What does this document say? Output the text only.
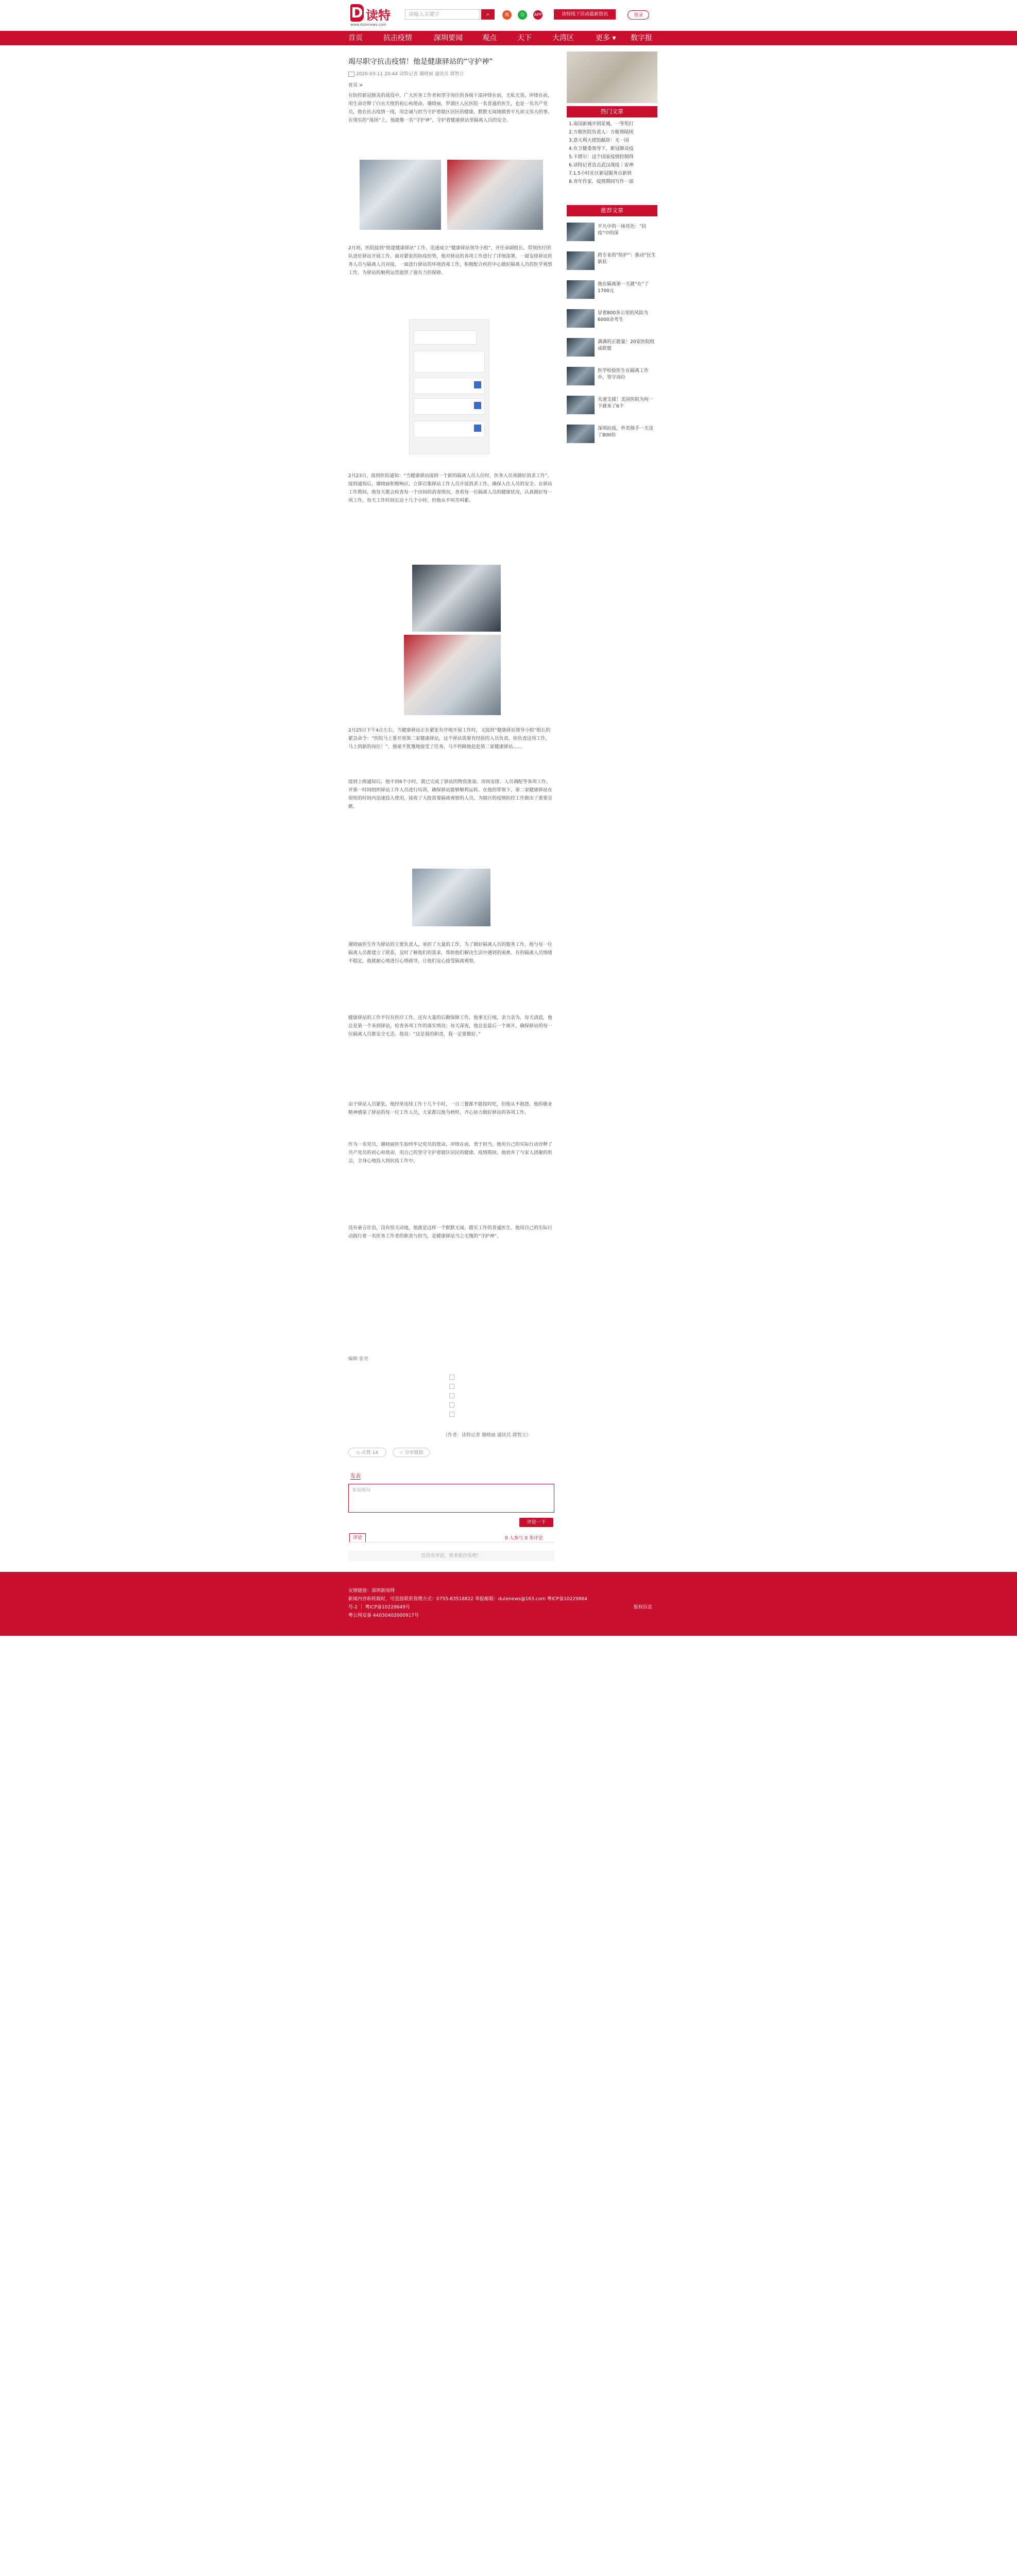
D 读特
www.dutenews.com
请输入关键字	⌕	微	信	APP	读特线下活动最新资讯	登录
首页	抗击疫情	深圳要闻	观点	天下	大湾区	更多 ▾ 数字报
竭尽职守抗击疫情！他是健康驿站的“守护神”
2020-03-11 20:44 读特记者 谢晓丽 通讯员 郭智立
首页 >

在防控新冠肺炎的战役中，广大医务工作者和坚守岗位的各级干部冲锋在前，无私无畏，冲锋在前，用生命诠释了白衣天使的初心和使命。谢晓丽，罗湖区人民医院一名普通的医生，也是一名共产党员，他在抗击疫情一线，用忠诚与担当守护着辖区居民的健康，默默无闻地做着平凡却又伟大的事。在现实的“战场”上，他就像一名“守护神”，守护着健康驿站里隔离人员的安全。

2月初，医院接到“组建健康驿站”工作，迅速成立“健康驿站领导小组”，并任命副组长，带领医疗团队进驻驿站开展工作。面对紧张的防疫形势，他对驿站的各项工作进行了详细部署，一面安排驿站医务人员与隔离人员对接，一面进行驿站的环境消毒工作，积极配合疾控中心做好隔离人员的医学观察工作，为驿站的顺利运营提供了强有力的保障。

2月23日，接到医院通知：“当健康驿站接到一个新的隔离人员入住时，医务人员须做好消杀工作”。接到通知后，谢晓丽积极响应，立即召集驿站工作人员开展消杀工作，确保入住人员的安全。在驿站工作期间，他每天都会检查每一个房间的消毒情况，查看每一位隔离人员的健康状况，认真做好每一项工作，每天工作时间长达十几个小时，但他从不叫苦叫累。

2月25日下午4点左右，当健康驿站正在紧张有序地开展工作时，又接到“健康驿站领导小组”组长的紧急命令：“医院马上要开放第二家健康驿站，这个驿站需要有经验的人员负责，你负责这项工作，马上到新的岗位！”。他毫不犹豫地接受了任务，马不停蹄地赶赴第二家健康驿站……

接到上级通知后，他不到6个小时，就已完成了驿站的物资准备、房间安排、人员调配等各项工作，并第一时间组织驿站工作人员进行培训，确保驿站能够顺利运转。在他的带领下，第二家健康驿站在很短的时间内迅速投入使用，接收了大批需要隔离观察的人员，为辖区的疫情防控工作做出了重要贡献。

谢晓丽医生作为驿站的主要负责人，承担了大量的工作，为了做好隔离人员的服务工作，他与每一位隔离人员都建立了联系，及时了解他们的需求，帮助他们解决生活中遇到的困难。有的隔离人员情绪不稳定，他就耐心地进行心理疏导，让他们安心接受隔离观察。

健康驿站的工作不仅有医疗工作，还有大量的后勤保障工作，他事无巨细，亲力亲为。每天清晨，他总是第一个来到驿站，检查各项工作的落实情况；每天深夜，他总是最后一个离开，确保驿站的每一位隔离人员都安全无恙。他说：“这是我的职责，我一定要做好。”

由于驿站人员紧张，他经常连续工作十几个小时，一日三餐都不能按时吃，但他从不抱怨。他的敬业精神感染了驿站的每一位工作人员，大家都以他为榜样，齐心协力做好驿站的各项工作。

作为一名党员，谢晓丽医生始终牢记党员的使命，冲锋在前，勇于担当。他用自己的实际行动诠释了共产党员的初心和使命，用自己的坚守守护着辖区居民的健康。疫情期间，他放弃了与家人团聚的机会，全身心地投入到抗疫工作中。

没有豪言壮语，没有惊天动地，他就是这样一个默默无闻、踏实工作的普通医生。他用自己的实际行动践行着一名医务工作者的职责与担当，是健康驿站当之无愧的“守护神”。

编辑 张亮
（作者：读特记者 谢晓丽 通讯员 郭智立）
◇ 点赞 14	☆ 分享链接
发表
来说两句
评论一下
评论	0 人参与 0 条评论
还没有评论，快来抢沙发吧！
热门文章
1.南国新城开到花城，一等奖打
2.方舱医院负责人：方舱将陆续
3.意大利大使馆献辞：无一国
4.在卫健委领导下，新冠肺炎疫
5.卡塔尔：这个国家疫情控制得
6.读特记者直击武汉战疫｜雷神
7.1.5小时社区新冠服务点新到
8.青年作家、疫情期间写作一部
推荐文章
平凡中的一抹亮色：“抗疫”中的深
跨专业的“防护”：推动“民生新状
他在隔离第一天就“在”了1700元
冒着800多公里的风险为6000余考生
满满的正能量！20家医院组成联盟
医学检验医生在隔离工作中，坚守岗位
火速支援！美国医院为何一下就来了6个
深圳抗疫，外卖骑手一天送了800份
友情链接：深圳新闻网
新闻内容和转载时，可直接联系管理方式：0755-83518822 举报邮箱：dutenews@163.com 粤ICP备10229864
号-2 ｜ 粤ICP备10228649号
粤公网安备 44030402000917号
版权信息
